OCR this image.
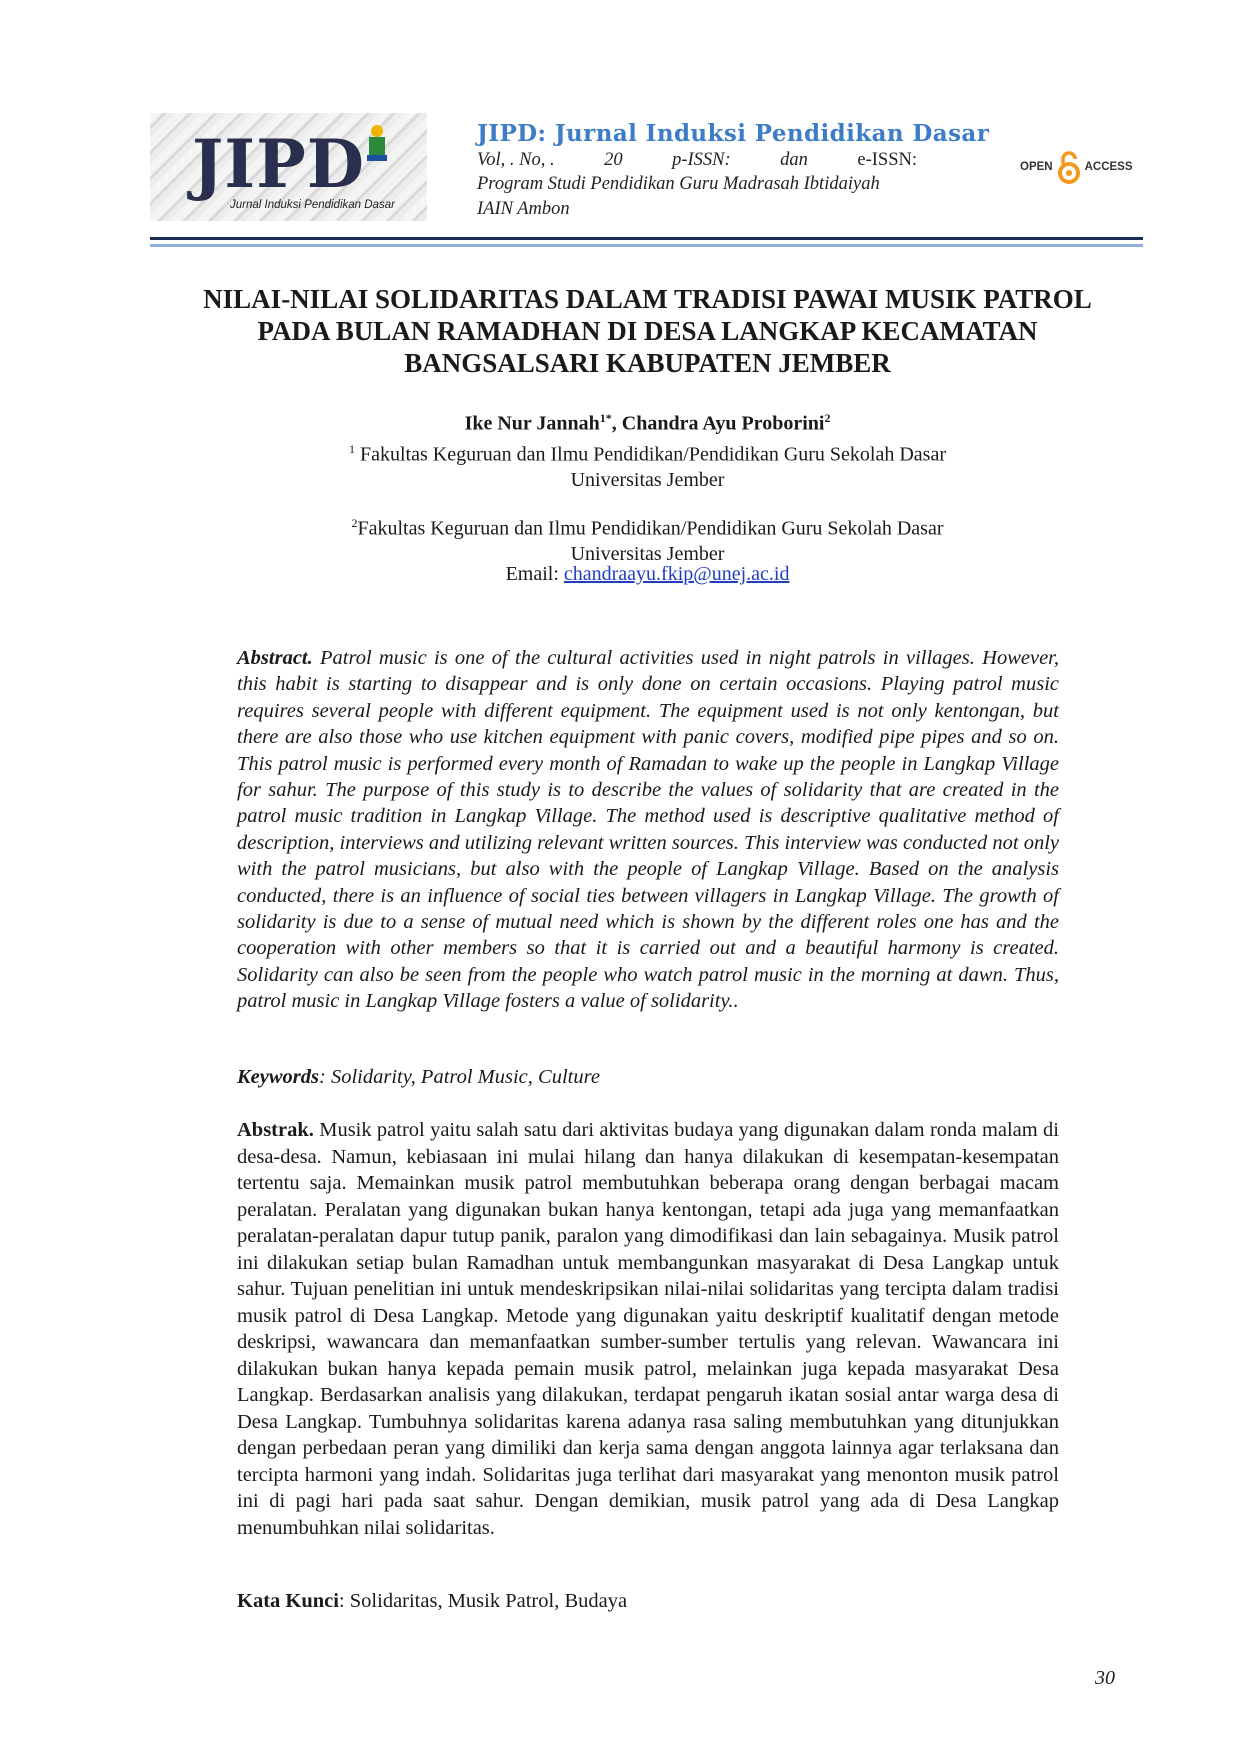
JIPD
Jurnal Induksi Pendidikan Dasar
JIPD: Jurnal Induksi Pendidikan Dasar
Vol, . No, .	20	p-ISSN:	dan	e-ISSN:
Program Studi Pendidikan Guru Madrasah Ibtidaiyah
IAIN Ambon
OPEN	ACCESS
NILAI-NILAI SOLIDARITAS DALAM TRADISI PAWAI MUSIK PATROL PADA BULAN RAMADHAN DI DESA LANGKAP KECAMATAN BANGSALSARI KABUPATEN JEMBER
Ike Nur Jannah$^{1*}$, Chandra Ayu Proborini$^2$
$^1$ Fakultas Keguruan dan Ilmu Pendidikan/Pendidikan Guru Sekolah Dasar
Universitas Jember
$^2$Fakultas Keguruan dan Ilmu Pendidikan/Pendidikan Guru Sekolah Dasar
Universitas Jember
Email: chandraayu.fkip@unej.ac.id
Abstract. Patrol music is one of the cultural activities used in night patrols in villages. However, this habit is starting to disappear and is only done on certain occasions. Playing patrol music requires several people with different equipment. The equipment used is not only kentongan, but there are also those who use kitchen equipment with panic covers, modified pipe pipes and so on. This patrol music is performed every month of Ramadan to wake up the people in Langkap Village for sahur. The purpose of this study is to describe the values of solidarity that are created in the patrol music tradition in Langkap Village. The method used is descriptive qualitative method of description, interviews and utilizing relevant written sources. This interview was conducted not only with the patrol musicians, but also with the people of Langkap Village. Based on the analysis conducted, there is an influence of social ties between villagers in Langkap Village. The growth of solidarity is due to a sense of mutual need which is shown by the different roles one has and the cooperation with other members so that it is carried out and a beautiful harmony is created. Solidarity can also be seen from the people who watch patrol music in the morning at dawn. Thus, patrol music in Langkap Village fosters a value of solidarity..
Keywords: Solidarity, Patrol Music, Culture
Abstrak. Musik patrol yaitu salah satu dari aktivitas budaya yang digunakan dalam ronda malam di desa-desa. Namun, kebiasaan ini mulai hilang dan hanya dilakukan di kesempatan-kesempatan tertentu saja. Memainkan musik patrol membutuhkan beberapa orang dengan berbagai macam peralatan. Peralatan yang digunakan bukan hanya kentongan, tetapi ada juga yang memanfaatkan peralatan-peralatan dapur tutup panik, paralon yang dimodifikasi dan lain sebagainya. Musik patrol ini dilakukan setiap bulan Ramadhan untuk membangunkan masyarakat di Desa Langkap untuk sahur. Tujuan penelitian ini untuk mendeskripsikan nilai-nilai solidaritas yang tercipta dalam tradisi musik patrol di Desa Langkap. Metode yang digunakan yaitu deskriptif kualitatif dengan metode deskripsi, wawancara dan memanfaatkan sumber-sumber tertulis yang relevan. Wawancara ini dilakukan bukan hanya kepada pemain musik patrol, melainkan juga kepada masyarakat Desa Langkap. Berdasarkan analisis yang dilakukan, terdapat pengaruh ikatan sosial antar warga desa di Desa Langkap. Tumbuhnya solidaritas karena adanya rasa saling membutuhkan yang ditunjukkan dengan perbedaan peran yang dimiliki dan kerja sama dengan anggota lainnya agar terlaksana dan tercipta harmoni yang indah. Solidaritas juga terlihat dari masyarakat yang menonton musik patrol ini di pagi hari pada saat sahur. Dengan demikian, musik patrol yang ada di Desa Langkap menumbuhkan nilai solidaritas.
Kata Kunci: Solidaritas, Musik Patrol, Budaya
30
